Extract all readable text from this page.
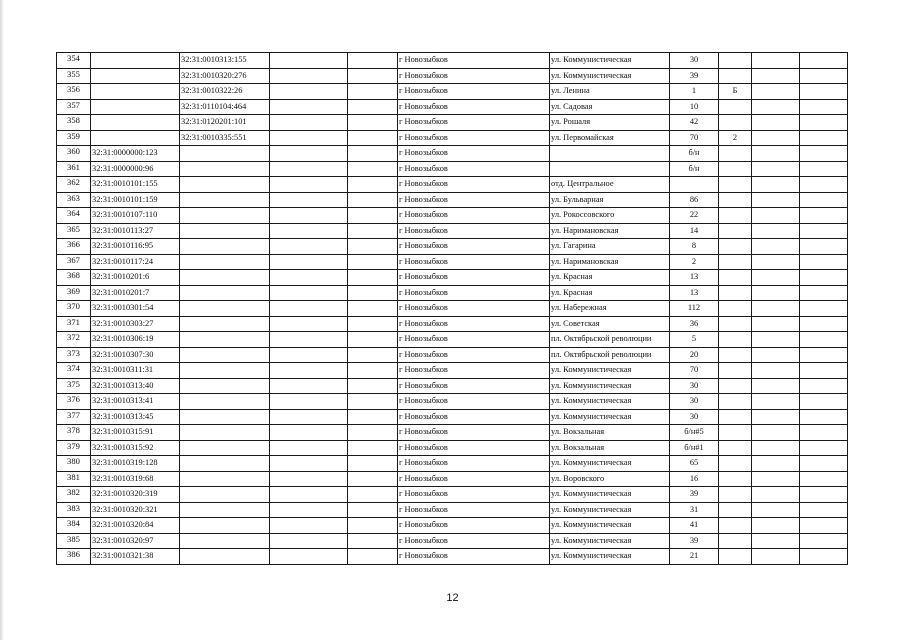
354		32:31:0010313:155			г Новозыбков	ул. Коммунистическая	30			
355		32:31:0010320:276			г Новозыбков	ул. Коммунистическая	39			
356		32:31:0010322:26			г Новозыбков	ул. Ленина	1	Б		
357		32:31:0110104:464			г Новозыбков	ул. Садовая	10			
358		32:31:0120201:101			г Новозыбков	ул. Рошаля	42			
359		32:31:0010335:551			г Новозыбков	ул. Первомайская	70	2		
360	32:31:0000000:123				г Новозыбков		б/н			
361	32:31:0000000:96				г Новозыбков		б/н			
362	32:31:0010101:155				г Новозыбков	отд. Центральное				
363	32:31:0010101:159				г Новозыбков	ул. Бульварная	86			
364	32:31:0010107:110				г Новозыбков	ул. Рокоссовского	22			
365	32:31:0010113:27				г Новозыбков	ул. Наримановская	14			
366	32:31:0010116:95				г Новозыбков	ул. Гагарина	8			
367	32:31:0010117:24				г Новозыбков	ул. Наримановская	2			
368	32:31:0010201:6				г Новозыбков	ул. Красная	13			
369	32:31:0010201:7				г Новозыбков	ул. Красная	13			
370	32:31:0010301:54				г Новозыбков	ул. Набережная	112			
371	32:31:0010303:27				г Новозыбков	ул. Советская	36			
372	32:31:0010306:19				г Новозыбков	пл. Октябрьской революции	5			
373	32:31:0010307:30				г Новозыбков	пл. Октябрьской революции	20			
374	32:31:0010311:31				г Новозыбков	ул. Коммунистическая	70			
375	32:31:0010313:40				г Новозыбков	ул. Коммунистическая	30			
376	32:31:0010313:41				г Новозыбков	ул. Коммунистическая	30			
377	32:31:0010313:45				г Новозыбков	ул. Коммунистическая	30			
378	32:31:0010315:91				г Новозыбков	ул. Вокзальная	б/н#5			
379	32:31:0010315:92				г Новозыбков	ул. Вокзальная	б/н#1			
380	32:31:0010319:128				г Новозыбков	ул. Коммунистическая	65			
381	32:31:0010319:68				г Новозыбков	ул. Воровского	16			
382	32:31:0010320:319				г Новозыбков	ул. Коммунистическая	39			
383	32:31:0010320:321				г Новозыбков	ул. Коммунистическая	31			
384	32:31:0010320:84				г Новозыбков	ул. Коммунистическая	41			
385	32:31:0010320:97				г Новозыбков	ул. Коммунистическая	39			
386	32:31:0010321:38				г Новозыбков	ул. Коммунистическая	21			
12
